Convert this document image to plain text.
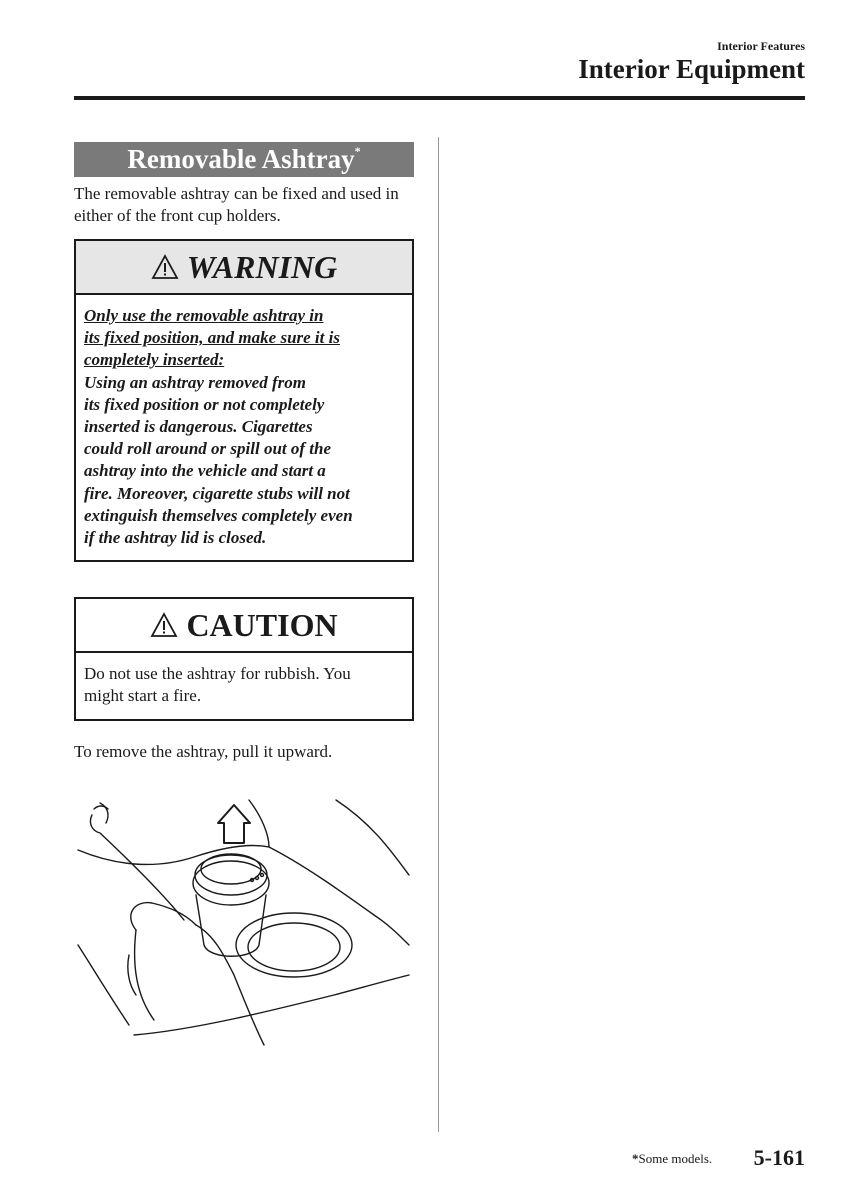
Interior Features
Interior Equipment
Removable Ashtray*
The removable ashtray can be fixed and used in either of the front cup holders.
WARNING
Only use the removable ashtray in
its fixed position, and make sure it is
completely inserted:
Using an ashtray removed from
its fixed position or not completely
inserted is dangerous. Cigarettes
could roll around or spill out of the
ashtray into the vehicle and start a
fire. Moreover, cigarette stubs will not
extinguish themselves completely even
if the ashtray lid is closed.
CAUTION
Do not use the ashtray for rubbish. You
might start a fire.
To remove the ashtray, pull it upward.
*Some models. 5-161
